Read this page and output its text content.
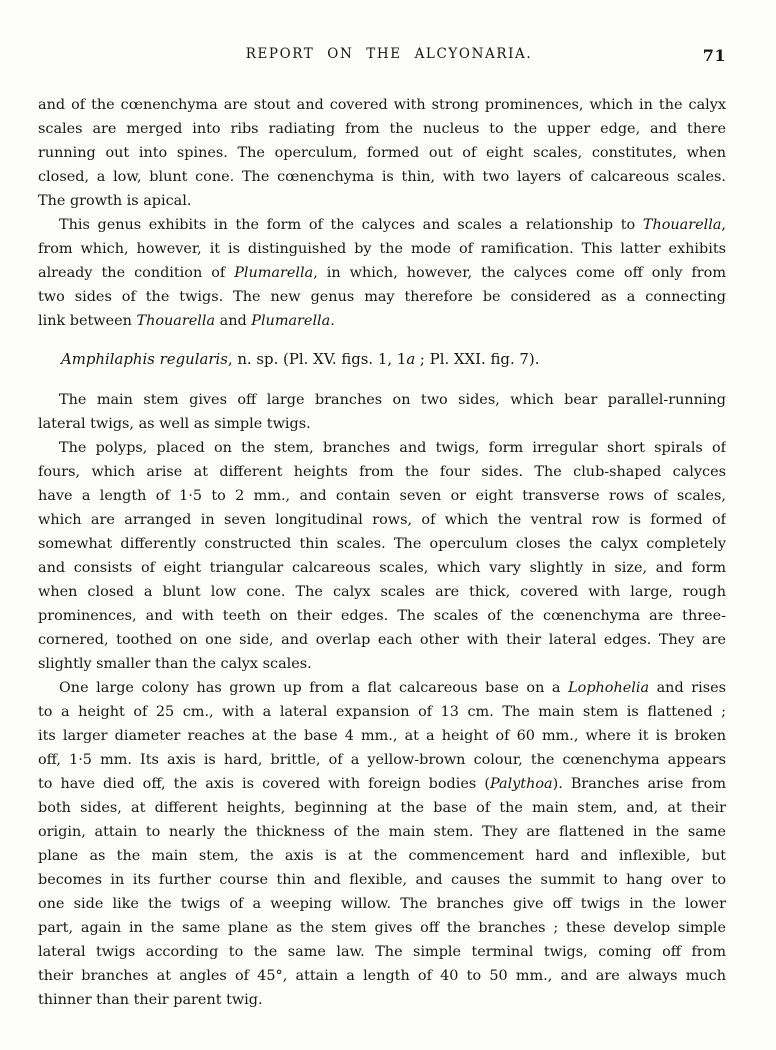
REPORT ON THE ALCYONARIA.	71
and of the cœnenchyma are stout and covered with strong prominences, which in the calyx
scales are merged into ribs radiating from the nucleus to the upper edge, and there
running out into spines. The operculum, formed out of eight scales, constitutes, when
closed, a low, blunt cone. The cœnenchyma is thin, with two layers of calcareous scales.
The growth is apical.
This genus exhibits in the form of the calyces and scales a relationship to Thouarella,
from which, however, it is distinguished by the mode of ramification. This latter exhibits
already the condition of Plumarella, in which, however, the calyces come off only from
two sides of the twigs. The new genus may therefore be considered as a connecting
link between Thouarella and Plumarella.
Amphilaphis regularis, n. sp. (Pl. XV. figs. 1, 1a ; Pl. XXI. fig. 7).
The main stem gives off large branches on two sides, which bear parallel-running
lateral twigs, as well as simple twigs.
The polyps, placed on the stem, branches and twigs, form irregular short spirals of
fours, which arise at different heights from the four sides. The club-shaped calyces
have a length of 1·5 to 2 mm., and contain seven or eight transverse rows of scales,
which are arranged in seven longitudinal rows, of which the ventral row is formed of
somewhat differently constructed thin scales. The operculum closes the calyx completely
and consists of eight triangular calcareous scales, which vary slightly in size, and form
when closed a blunt low cone. The calyx scales are thick, covered with large, rough
prominences, and with teeth on their edges. The scales of the cœnenchyma are three-
cornered, toothed on one side, and overlap each other with their lateral edges. They are
slightly smaller than the calyx scales.
One large colony has grown up from a flat calcareous base on a Lophohelia and rises
to a height of 25 cm., with a lateral expansion of 13 cm. The main stem is flattened ;
its larger diameter reaches at the base 4 mm., at a height of 60 mm., where it is broken
off, 1·5 mm. Its axis is hard, brittle, of a yellow-brown colour, the cœnenchyma appears
to have died off, the axis is covered with foreign bodies (Palythoa). Branches arise from
both sides, at different heights, beginning at the base of the main stem, and, at their
origin, attain to nearly the thickness of the main stem. They are flattened in the same
plane as the main stem, the axis is at the commencement hard and inflexible, but
becomes in its further course thin and flexible, and causes the summit to hang over to
one side like the twigs of a weeping willow. The branches give off twigs in the lower
part, again in the same plane as the stem gives off the branches ; these develop simple
lateral twigs according to the same law. The simple terminal twigs, coming off from
their branches at angles of 45°, attain a length of 40 to 50 mm., and are always much
thinner than their parent twig.
